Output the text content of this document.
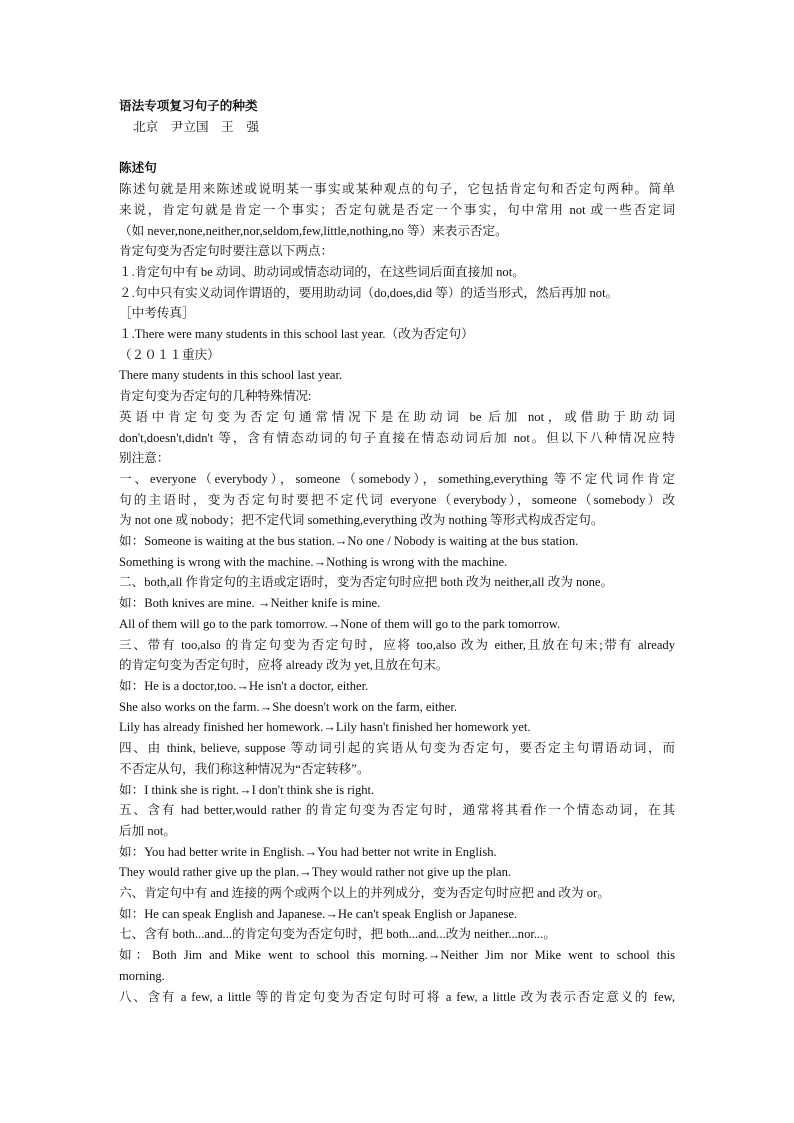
语法专项复习句子的种类
北京　尹立国　王　强
陈述句
陈述句就是用来陈述或说明某一事实或某种观点的句子，它包括肯定句和否定句两种。简单
来说，肯定句就是肯定一个事实；否定句就是否定一个事实，句中常用 not 或一些否定词
（如 never,none,neither,nor,seldom,few,little,nothing,no 等）来表示否定。
肯定句变为否定句时要注意以下两点：
１.肯定句中有 be 动词、助动词或情态动词的，在这些词后面直接加 not。
２.句中只有实义动词作谓语的，要用助动词（do,does,did 等）的适当形式，然后再加 not。
［中考传真］
１.There were many students in this school last year.（改为否定句）
（２０１１重庆）
There many students in this school last year.
肯定句变为否定句的几种特殊情况:
英语中肯定句变为否定句通常情况下是在助动词 be 后加 not，或借助于助动词
don't,doesn't,didn't 等，含有情态动词的句子直接在情态动词后加 not。但以下八种情况应特
别注意：
一、everyone（everybody），someone（somebody），something,everything 等不定代词作肯定
句的主语时，变为否定句时要把不定代词 everyone（everybody），someone（somebody）改
为 not one 或 nobody；把不定代词 something,everything 改为 nothing 等形式构成否定句。
如：Someone is waiting at the bus station.→No one / Nobody is waiting at the bus station.
Something is wrong with the machine.→Nothing is wrong with the machine.
二、both,all 作肯定句的主语或定语时，变为否定句时应把 both 改为 neither,all 改为 none。
如：Both knives are mine. →Neither knife is mine.
All of them will go to the park tomorrow.→None of them will go to the park tomorrow.
三、带有 too,also 的肯定句变为否定句时，应将 too,also 改为 either,且放在句末;带有 already
的肯定句变为否定句时，应将 already 改为 yet,且放在句末。
如：He is a doctor,too.→He isn't a doctor, either.
She also works on the farm.→She doesn't work on the farm, either.
Lily has already finished her homework.→Lily hasn't finished her homework yet.
四、由 think, believe, suppose 等动词引起的宾语从句变为否定句，要否定主句谓语动词，而
不否定从句，我们称这种情况为“否定转移”。
如：I think she is right.→I don't think she is right.
五、含有 had better,would rather 的肯定句变为否定句时，通常将其看作一个情态动词，在其
后加 not。
如：You had better write in English.→You had better not write in English.
They would rather give up the plan.→They would rather not give up the plan.
六、肯定句中有 and 连接的两个或两个以上的并列成分，变为否定句时应把 and 改为 or。
如：He can speak English and Japanese.→He can't speak English or Japanese.
七、含有 both...and...的肯定句变为否定句时，把 both...and...改为 neither...nor...。
如：Both Jim and Mike went to school this morning.→Neither Jim nor Mike went to school this
morning.
八、含有 a few, a little 等的肯定句变为否定句时可将 a few, a little 改为表示否定意义的 few,
